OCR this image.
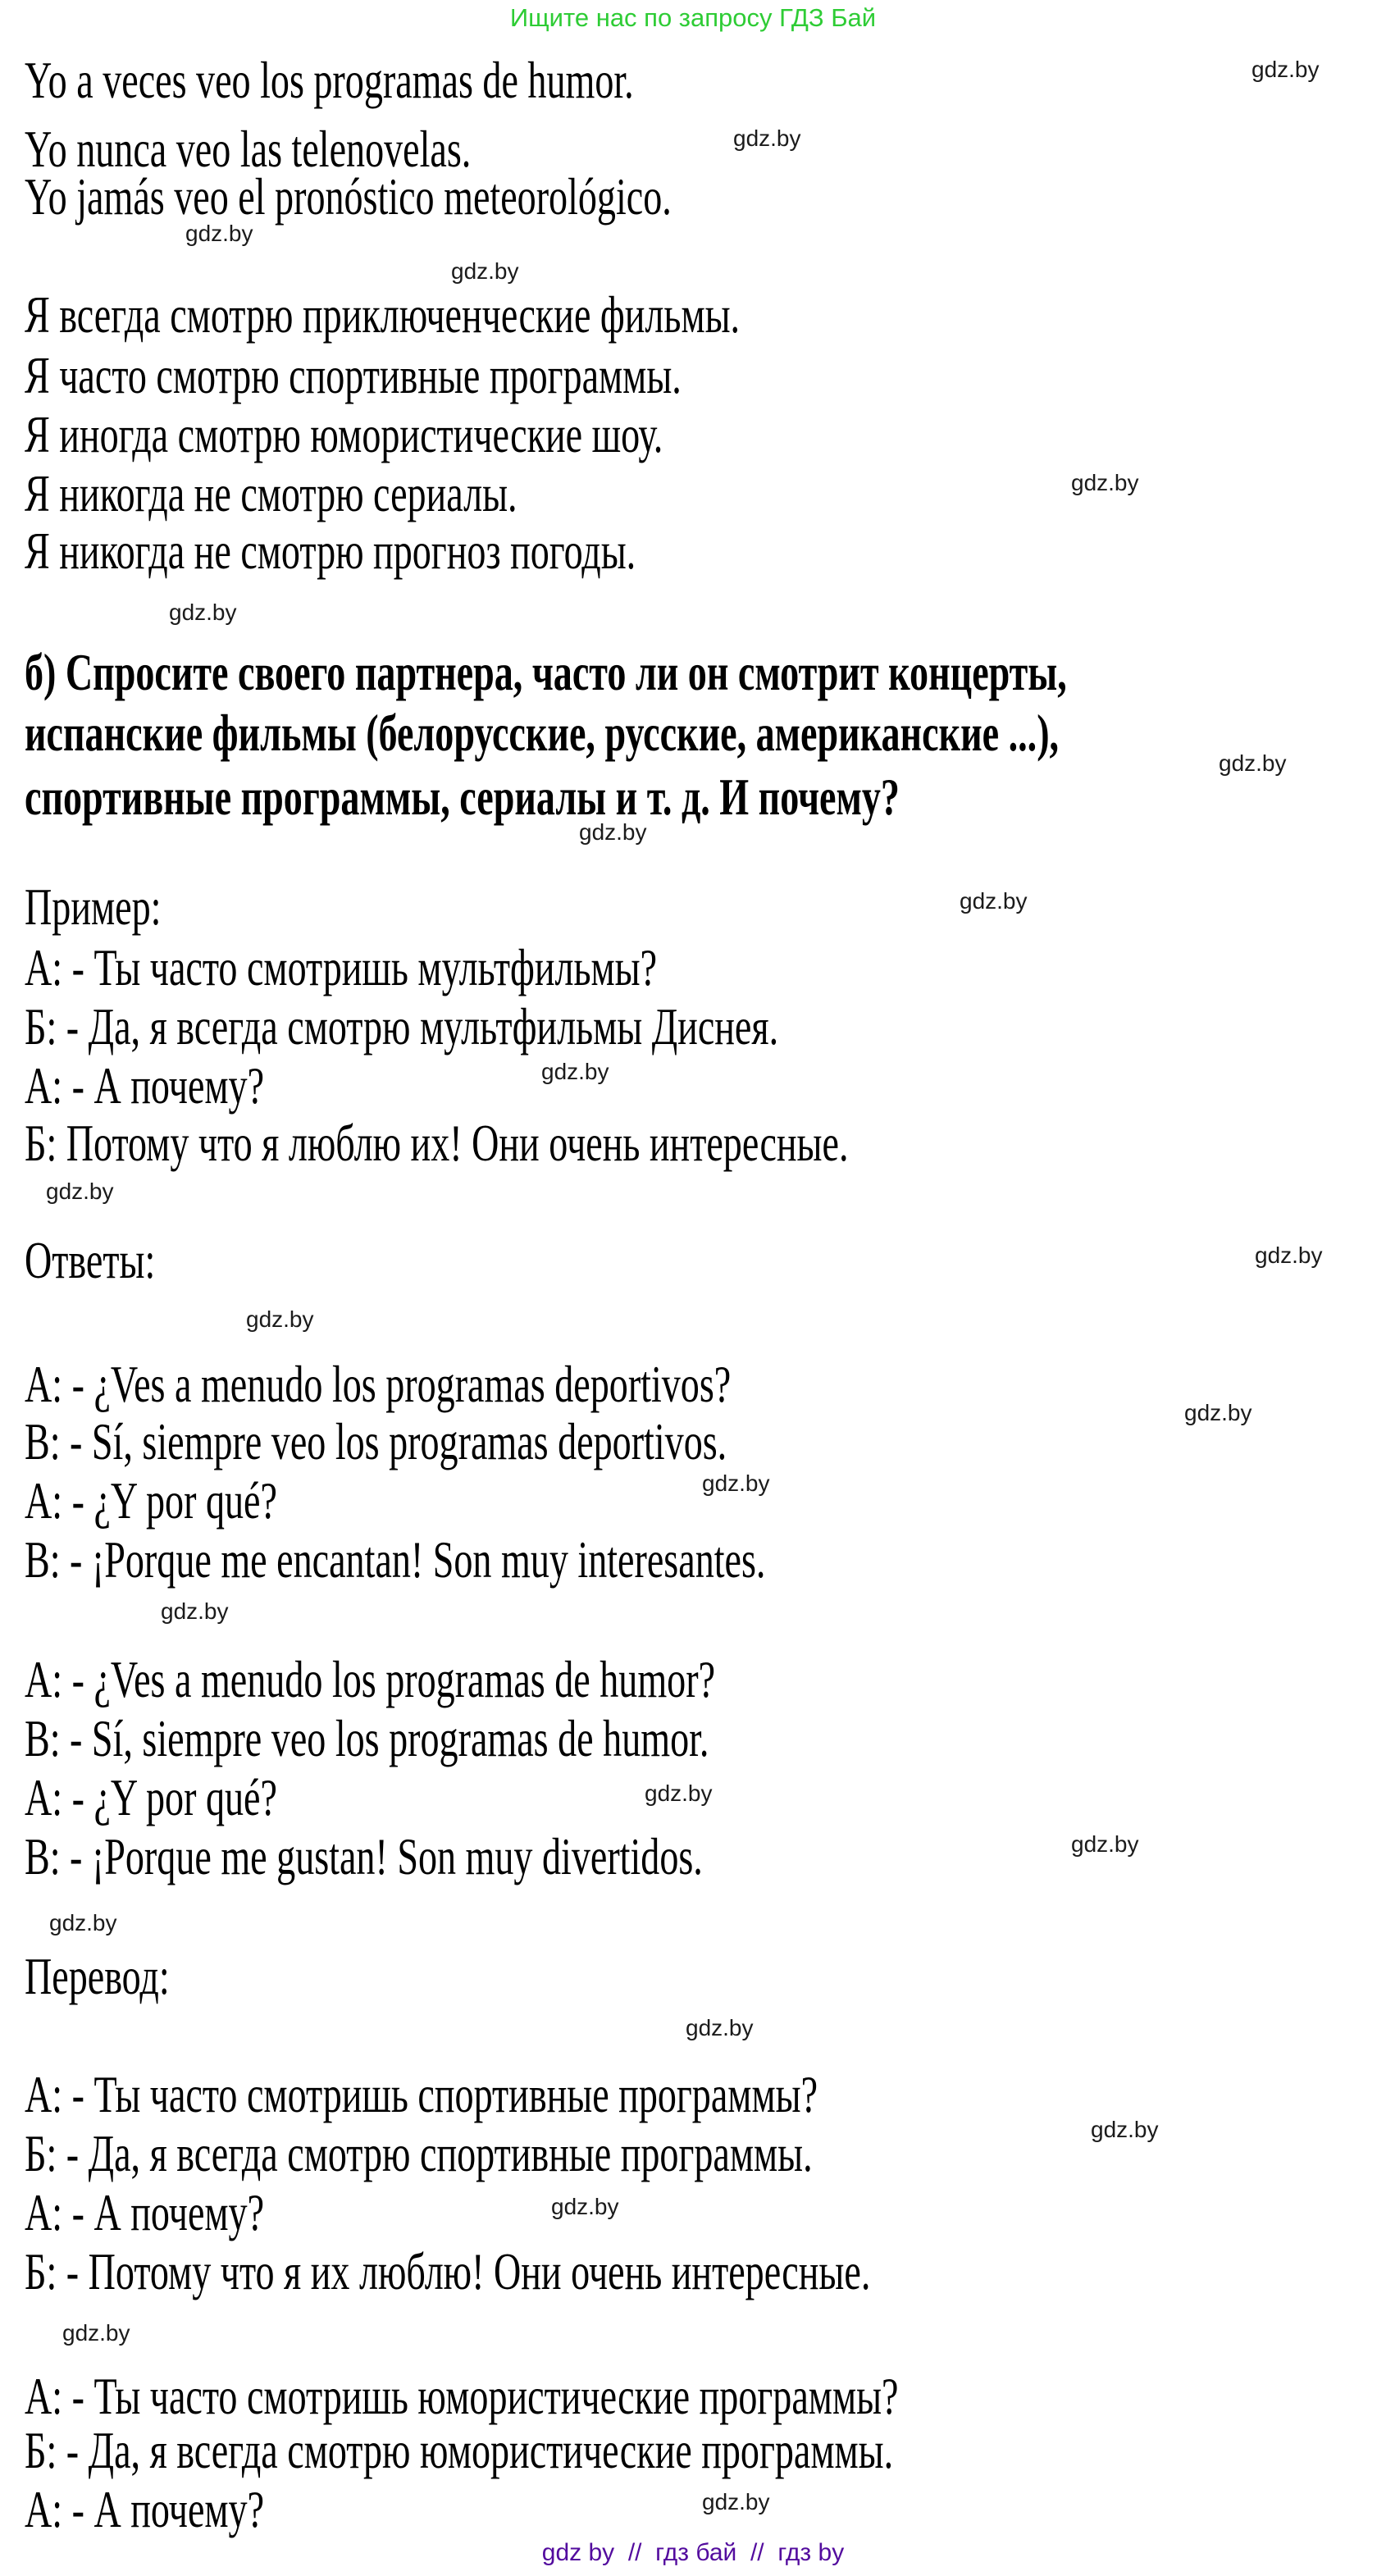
Ищите нас по запросу ГДЗ Бай
Yo a veces veo los programas de humor.
Yo nunca veo las telenovelas.
Yo jamás veo el pronóstico meteorológico.
Я всегда смотрю приключенческие фильмы.
Я часто смотрю спортивные программы.
Я иногда смотрю юмористические шоу.
Я никогда не смотрю сериалы.
Я никогда не смотрю прогноз погоды.
б) Спросите своего партнера, часто ли он смотрит концерты,
испанские фильмы (белорусские, русские, американские ...),
спортивные программы, сериалы и т. д. И почему?
Пример:
А: - Ты часто смотришь мультфильмы?
Б: - Да, я всегда смотрю мультфильмы Диснея.
А: - А почему?
Б: Потому что я люблю их! Они очень интересные.
Ответы:
A: - ¿Ves a menudo los programas deportivos?
B: - Sí, siempre veo los programas deportivos.
A: - ¿Y por qué?
B: - ¡Porque me encantan! Son muy interesantes.
A: - ¿Ves a menudo los programas de humor?
B: - Sí, siempre veo los programas de humor.
A: - ¿Y por qué?
B: - ¡Porque me gustan! Son muy divertidos.
Перевод:
А: - Ты часто смотришь спортивные программы?
Б: - Да, я всегда смотрю спортивные программы.
А: - А почему?
Б: - Потому что я их люблю! Они очень интересные.
А: - Ты часто смотришь юмористические программы?
Б: - Да, я всегда смотрю юмористические программы.
А: - А почему?
gdz.by
gdz.by
gdz.by
gdz.by
gdz.by
gdz.by
gdz.by
gdz.by
gdz.by
gdz.by
gdz.by
gdz.by
gdz.by
gdz.by
gdz.by
gdz.by
gdz.by
gdz.by
gdz.by
gdz.by
gdz.by
gdz.by
gdz.by
gdz.by
gdz by  //  гдз бай  //  гдз by
